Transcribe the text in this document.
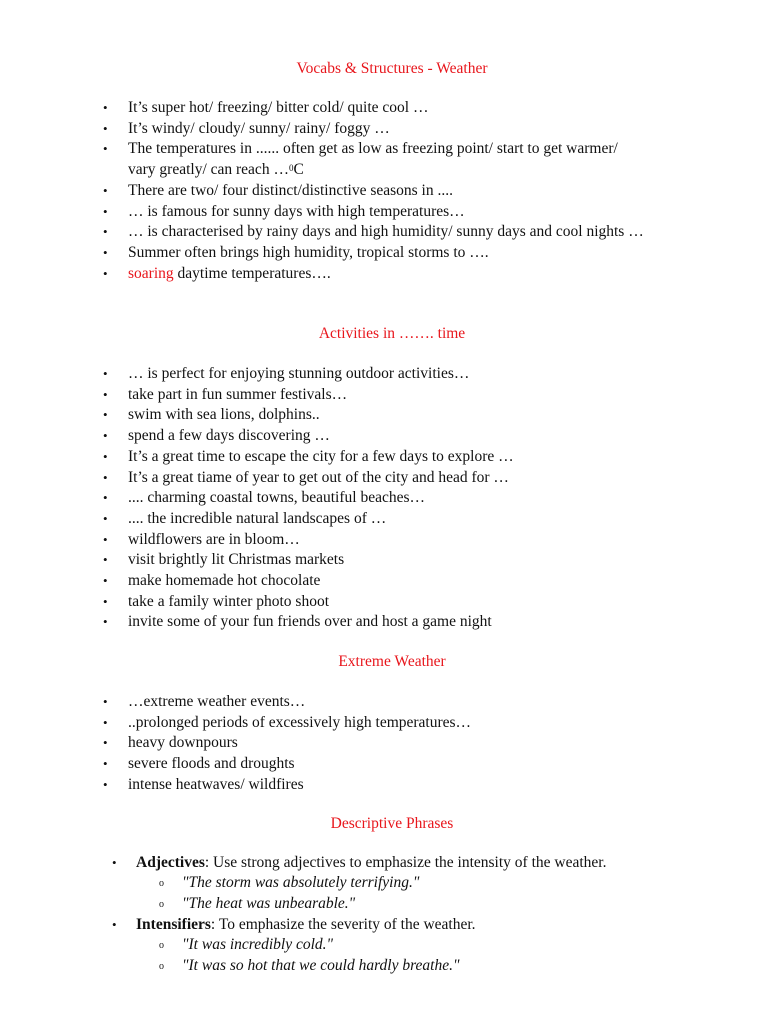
Vocabs & Structures - Weather
• It’s super hot/ freezing/ bitter cold/ quite cool …
• It’s windy/ cloudy/ sunny/ rainy/ foggy …
• The temperatures in ...... often get as low as freezing point/ start to get warmer/ vary greatly/ can reach …$^0$C
• There are two/ four distinct/distinctive seasons in ....
• … is famous for sunny days with high temperatures…
• … is characterised by rainy days and high humidity/ sunny days and cool nights …
• Summer often brings high humidity, tropical storms to ….
• soaring daytime temperatures….
Activities in ……. time
• … is perfect for enjoying stunning outdoor activities…
• take part in fun summer festivals…
• swim with sea lions, dolphins..
• spend a few days discovering …
• It’s a great time to escape the city for a few days to explore …
• It’s a great tiame of year to get out of the city and head for …
• .... charming coastal towns, beautiful beaches…
• .... the incredible natural landscapes of …
• wildflowers are in bloom…
• visit brightly lit Christmas markets
• make homemade hot chocolate
• take a family winter photo shoot
• invite some of your fun friends over and host a game night
Extreme Weather
• …extreme weather events…
• ..prolonged periods of excessively high temperatures…
• heavy downpours
• severe floods and droughts
• intense heatwaves/ wildfires
Descriptive Phrases
• Adjectives: Use strong adjectives to emphasize the intensity of the weather.
o "The storm was absolutely terrifying."
o "The heat was unbearable."
• Intensifiers: To emphasize the severity of the weather.
o "It was incredibly cold."
o "It was so hot that we could hardly breathe."
